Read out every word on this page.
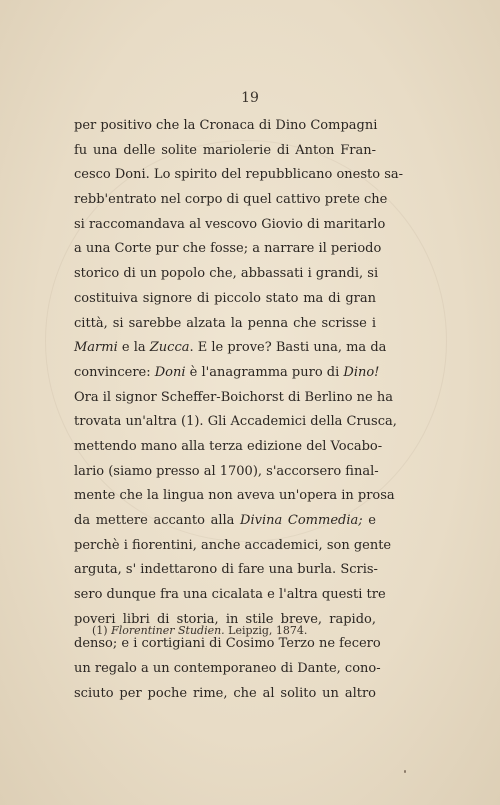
19
per positivo che la Cronaca di Dino Compagni
fu una delle solite mariolerie di Anton Fran-
cesco Doni. Lo spirito del repubblicano onesto sa-
rebb'entrato nel corpo di quel cattivo prete che
si raccomandava al vescovo Giovio di maritarlo
a una Corte pur che fosse; a narrare il periodo
storico di un popolo che, abbassati i grandi, si
costituiva signore di piccolo stato ma di gran
città, si sarebbe alzata la penna che scrisse i
Marmi e la Zucca. E le prove? Basti una, ma da
convincere: Doni è l'anagramma puro di Dino!
Ora il signor Scheffer-Boichorst di Berlino ne ha
trovata un'altra (1). Gli Accademici della Crusca,
mettendo mano alla terza edizione del Vocabo-
lario (siamo presso al 1700), s'accorsero final-
mente che la lingua non aveva un'opera in prosa
da mettere accanto alla Divina Commedia; e
perchè i fiorentini, anche accademici, son gente
arguta, s' indettarono di fare una burla. Scris-
sero dunque fra una cicalata e l'altra questi tre
poveri libri di storia, in stile breve, rapido,
denso; e i cortigiani di Cosimo Terzo ne fecero
un regalo a un contemporaneo di Dante, cono-
sciuto per poche rime, che al solito un altro
(1) Florentiner Studien. Leipzig, 1874.
